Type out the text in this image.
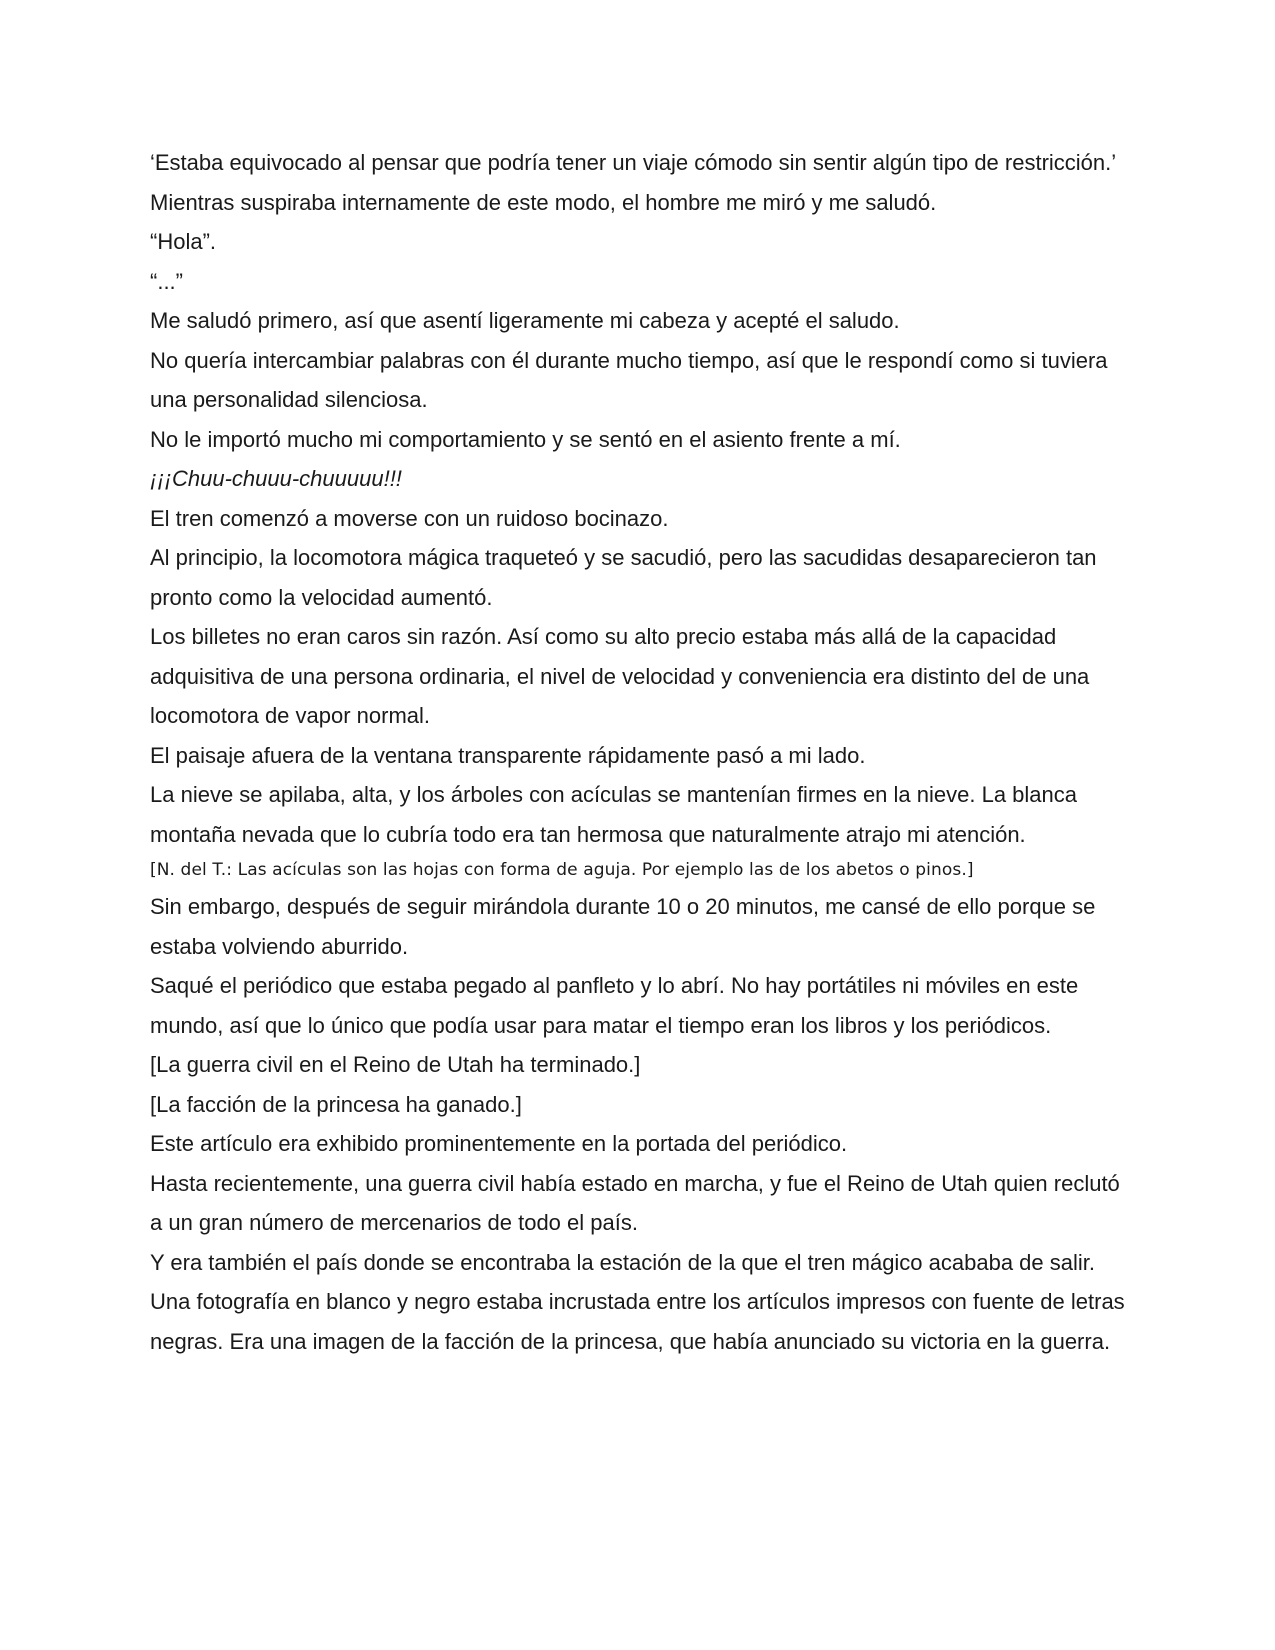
‘Estaba equivocado al pensar que podría tener un viaje cómodo sin sentir algún tipo de restricción.’

Mientras suspiraba internamente de este modo, el hombre me miró y me saludó.

“Hola”.

“...”

Me saludó primero, así que asentí ligeramente mi cabeza y acepté el saludo.

No quería intercambiar palabras con él durante mucho tiempo, así que le respondí como si tuviera una personalidad silenciosa.

No le importó mucho mi comportamiento y se sentó en el asiento frente a mí.

¡¡¡Chuu-chuuu-chuuuuu!!!

El tren comenzó a moverse con un ruidoso bocinazo.

Al principio, la locomotora mágica traqueteó y se sacudió, pero las sacudidas desaparecieron tan pronto como la velocidad aumentó.

Los billetes no eran caros sin razón. Así como su alto precio estaba más allá de la capacidad adquisitiva de una persona ordinaria, el nivel de velocidad y conveniencia era distinto del de una locomotora de vapor normal.

El paisaje afuera de la ventana transparente rápidamente pasó a mi lado.

La nieve se apilaba, alta, y los árboles con acículas se mantenían firmes en la nieve. La blanca montaña nevada que lo cubría todo era tan hermosa que naturalmente atrajo mi atención.

[N. del T.: Las acículas son las hojas con forma de aguja. Por ejemplo las de los abetos o pinos.]

Sin embargo, después de seguir mirándola durante 10 o 20 minutos, me cansé de ello porque se estaba volviendo aburrido.

Saqué el periódico que estaba pegado al panfleto y lo abrí. No hay portátiles ni móviles en este mundo, así que lo único que podía usar para matar el tiempo eran los libros y los periódicos.

[La guerra civil en el Reino de Utah ha terminado.]

[La facción de la princesa ha ganado.]

Este artículo era exhibido prominentemente en la portada del periódico.

Hasta recientemente, una guerra civil había estado en marcha, y fue el Reino de Utah quien reclutó a un gran número de mercenarios de todo el país.

Y era también el país donde se encontraba la estación de la que el tren mágico acababa de salir.

Una fotografía en blanco y negro estaba incrustada entre los artículos impresos con fuente de letras negras. Era una imagen de la facción de la princesa, que había anunciado su victoria en la guerra.
